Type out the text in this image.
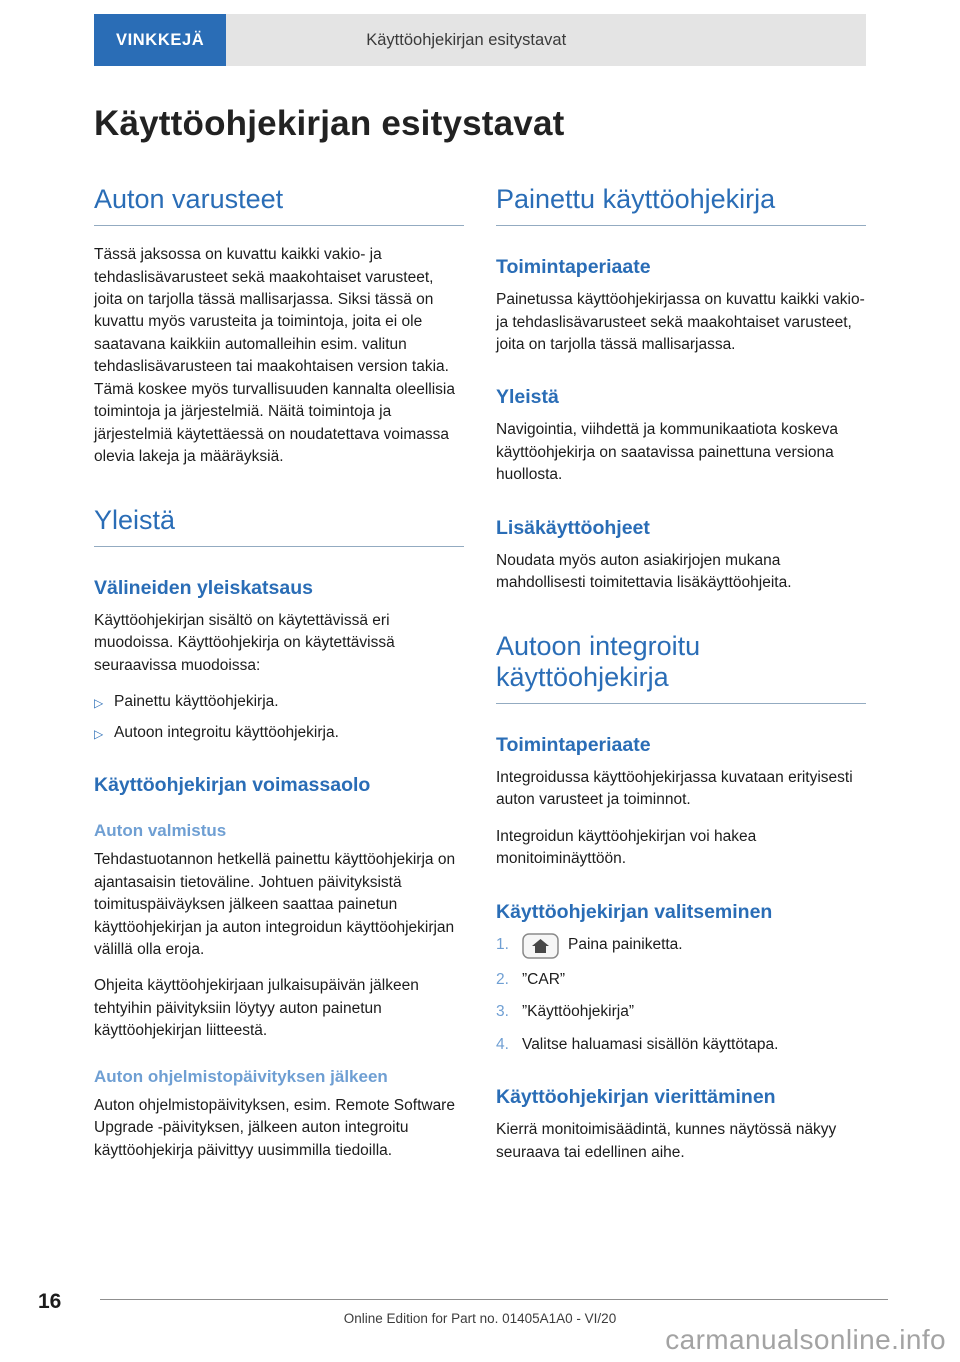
VINKKEJÄ	Käyttöohjekirjan esitystavat
Käyttöohjekirjan esitystavat
Auton varusteet

Tässä jaksossa on kuvattu kaikki vakio- ja tehdaslisävarusteet sekä maakohtaiset varusteet, joita on tarjolla tässä mallisarjassa. Siksi tässä on kuvattu myös varusteita ja toimintoja, joita ei ole saatavana kaikkiin automalleihin esim. valitun tehdaslisävarusteen tai maakohtaisen version takia. Tämä koskee myös turvallisuuden kannalta oleellisia toimintoja ja järjestelmiä. Näitä toimintoja ja järjestelmiä käytettäessä on noudatettava voimassa olevia lakeja ja määräyksiä.

Yleistä
Välineiden yleiskatsaus

Käyttöohjekirjan sisältö on käytettävissä eri muodoissa. Käyttöohjekirja on käytettävissä seuraavissa muodoissa:

▷ Painettu käyttöohjekirja.
▷ Autoon integroitu käyttöohjekirja.
Käyttöohjekirjan voimassaolo
Auton valmistus

Tehdastuotannon hetkellä painettu käyttöohjekirja on ajantasaisin tietoväline. Johtuen päivityksistä toimituspäiväyksen jälkeen saattaa painetun käyttöohjekirjan ja auton integroidun käyttöohjekirjan välillä olla eroja.

Ohjeita käyttöohjekirjaan julkaisupäivän jälkeen tehtyihin päivityksiin löytyy auton painetun käyttöohjekirjan liitteestä.

Auton ohjelmistopäivityksen jälkeen

Auton ohjelmistopäivityksen, esim. Remote Software Upgrade -päivityksen, jälkeen auton integroitu käyttöohjekirja päivittyy uusimmilla tiedoilla.

Painettu käyttöohjekirja
Toimintaperiaate

Painetussa käyttöohjekirjassa on kuvattu kaikki vakio- ja tehdaslisävarusteet sekä maakohtaiset varusteet, joita on tarjolla tässä mallisarjassa.

Yleistä

Navigointia, viihdettä ja kommunikaatiota koskeva käyttöohjekirja on saatavissa painettuna versiona huollosta.

Lisäkäyttöohjeet

Noudata myös auton asiakirjojen mukana mahdollisesti toimitettavia lisäkäyttöohjeita.

Autoon integroitu käyttöohjekirja
Toimintaperiaate

Integroidussa käyttöohjekirjassa kuvataan erityisesti auton varusteet ja toiminnot.

Integroidun käyttöohjekirjan voi hakea monitoiminäyttöön.

Käyttöohjekirjan valitseminen
1.	Paina painiketta.
2. ”CAR”
3. ”Käyttöohjekirja”
4. Valitse haluamasi sisällön käyttötapa.
Käyttöohjekirjan vierittäminen

Kierrä monitoimisäädintä, kunnes näytössä näkyy seuraava tai edellinen aihe.

16
Online Edition for Part no. 01405A1A0 - VI/20
carmanualsonline.info
